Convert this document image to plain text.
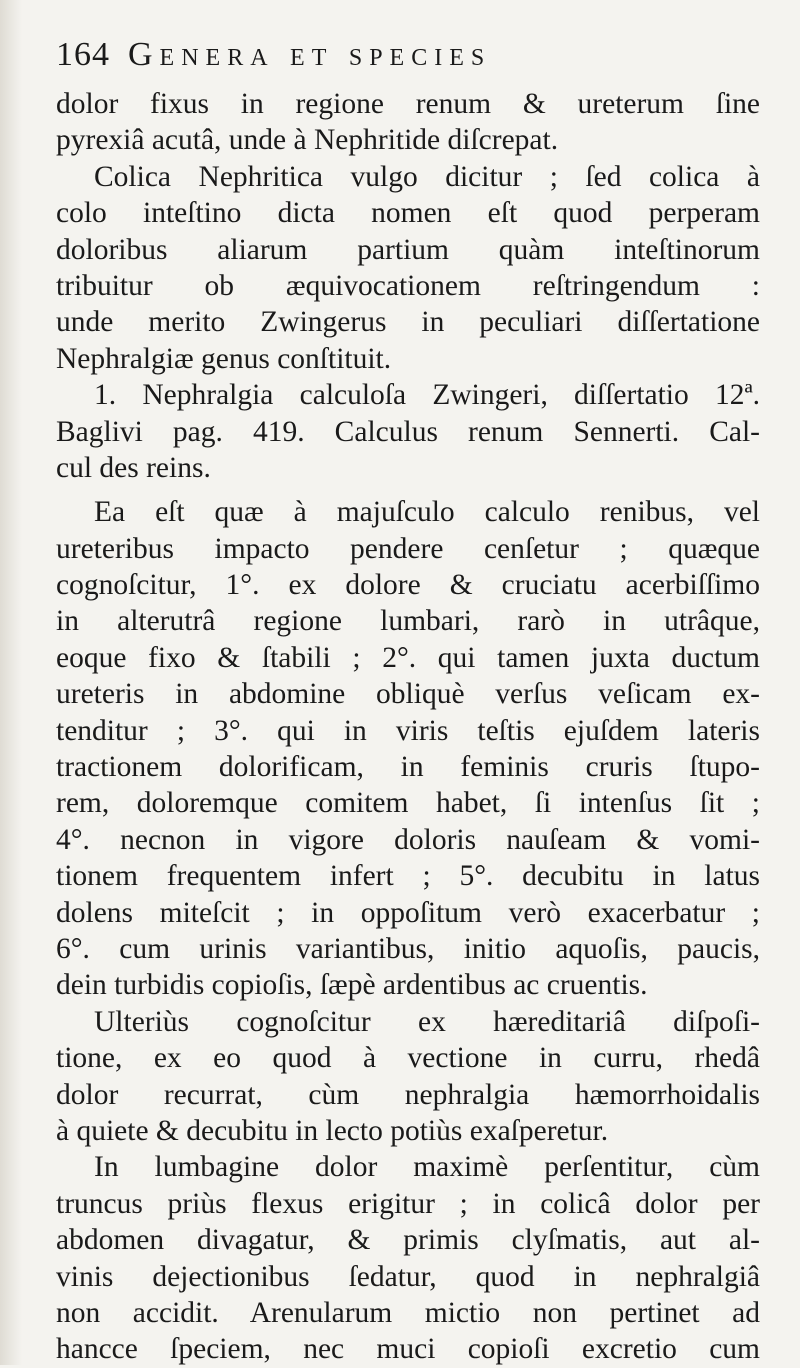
164 Genera et species
dolor fixus in regione renum & ureterum ſine
pyrexiâ acutâ, unde à Nephritide diſcrepat.
Colica Nephritica vulgo dicitur ; ſed colica à
colo inteſtino dicta nomen eſt quod perperam
doloribus aliarum partium quàm inteſtinorum
tribuitur ob æquivocationem reſtringendum :
unde merito Zwingerus in peculiari diſſertatione
Nephralgiæ genus conſtituit.
1. Nephralgia calculoſa Zwingeri, diſſertatio 12ª.
Baglivi pag. 419. Calculus renum Sennerti. Cal-
cul des reins.
Ea eſt quæ à majuſculo calculo renibus, vel
ureteribus impacto pendere cenſetur ; quæque
cognoſcitur, 1°. ex dolore & cruciatu acerbiſſimo
in alterutrâ regione lumbari, rarò in utrâque,
eoque fixo & ſtabili ; 2°. qui tamen juxta ductum
ureteris in abdomine obliquè verſus veſicam ex-
tenditur ; 3°. qui in viris teſtis ejuſdem lateris
tractionem dolorificam, in feminis cruris ſtupo-
rem, doloremque comitem habet, ſi intenſus ſit ;
4°. necnon in vigore doloris nauſeam & vomi-
tionem frequentem infert ; 5°. decubitu in latus
dolens miteſcit ; in oppoſitum verò exacerbatur ;
6°. cum urinis variantibus, initio aquoſis, paucis,
dein turbidis copioſis, ſæpè ardentibus ac cruentis.
Ulteriùs cognoſcitur ex hæreditariâ diſpoſi-
tione, ex eo quod à vectione in curru, rhedâ
dolor recurrat, cùm nephralgia hæmorrhoidalis
à quiete & decubitu in lecto potiùs exaſperetur.
In lumbagine dolor maximè perſentitur, cùm
truncus priùs flexus erigitur ; in colicâ dolor per
abdomen divagatur, & primis clyſmatis, aut al-
vinis dejectionibus ſedatur, quod in nephralgiâ
non accidit. Arenularum mictio non pertinet ad
hancce ſpeciem, nec muci copioſi excretio cum
